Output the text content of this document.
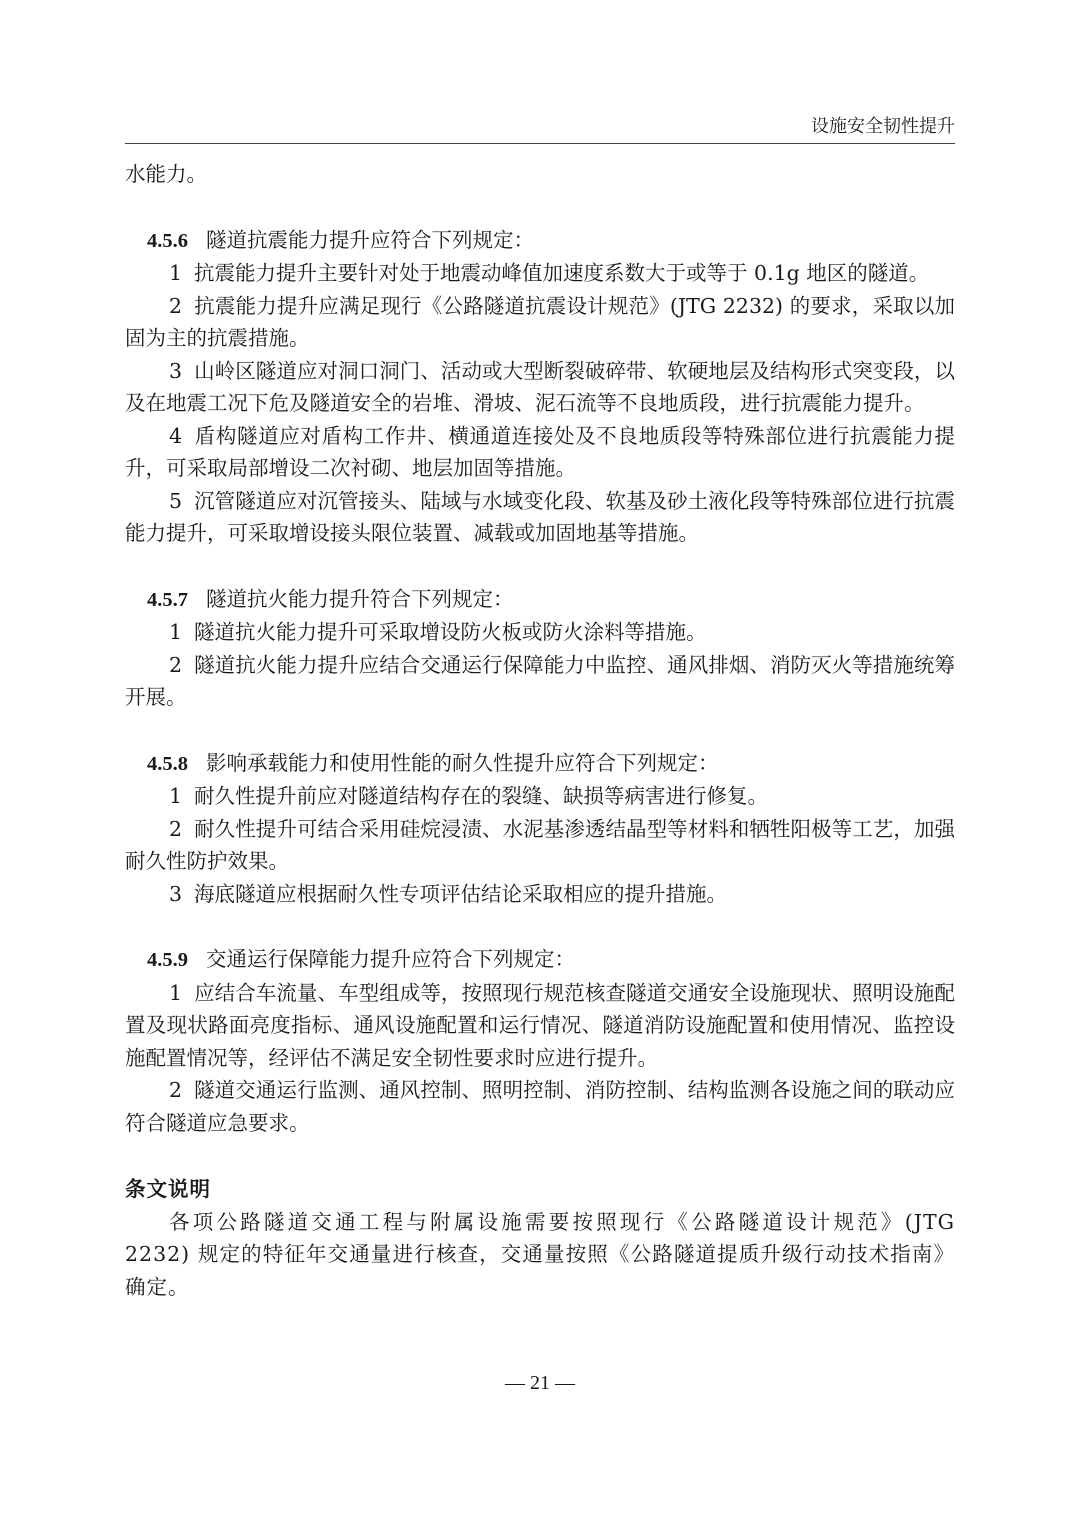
设施安全韧性提升

水能力。

4.5.6 隧道抗震能力提升应符合下列规定：

1 抗震能力提升主要针对处于地震动峰值加速度系数大于或等于 0.1g 地区的隧道。

2 抗震能力提升应满足现行《公路隧道抗震设计规范》(JTG 2232) 的要求，采取以加固为主的抗震措施。

3 山岭区隧道应对洞口洞门、活动或大型断裂破碎带、软硬地层及结构形式突变段，以及在地震工况下危及隧道安全的岩堆、滑坡、泥石流等不良地质段，进行抗震能力提升。

4 盾构隧道应对盾构工作井、横通道连接处及不良地质段等特殊部位进行抗震能力提升，可采取局部增设二次衬砌、地层加固等措施。

5 沉管隧道应对沉管接头、陆域与水域变化段、软基及砂土液化段等特殊部位进行抗震能力提升，可采取增设接头限位装置、减载或加固地基等措施。

4.5.7 隧道抗火能力提升符合下列规定：

1 隧道抗火能力提升可采取增设防火板或防火涂料等措施。

2 隧道抗火能力提升应结合交通运行保障能力中监控、通风排烟、消防灭火等措施统筹开展。

4.5.8 影响承载能力和使用性能的耐久性提升应符合下列规定：

1 耐久性提升前应对隧道结构存在的裂缝、缺损等病害进行修复。

2 耐久性提升可结合采用硅烷浸渍、水泥基渗透结晶型等材料和牺牲阳极等工艺，加强耐久性防护效果。

3 海底隧道应根据耐久性专项评估结论采取相应的提升措施。

4.5.9 交通运行保障能力提升应符合下列规定：

1 应结合车流量、车型组成等，按照现行规范核查隧道交通安全设施现状、照明设施配置及现状路面亮度指标、通风设施配置和运行情况、隧道消防设施配置和使用情况、监控设施配置情况等，经评估不满足安全韧性要求时应进行提升。

2 隧道交通运行监测、通风控制、照明控制、消防控制、结构监测各设施之间的联动应符合隧道应急要求。

条文说明

各项公路隧道交通工程与附属设施需要按照现行《公路隧道设计规范》(JTG 2232) 规定的特征年交通量进行核查，交通量按照《公路隧道提质升级行动技术指南》确定。

— 21 —
